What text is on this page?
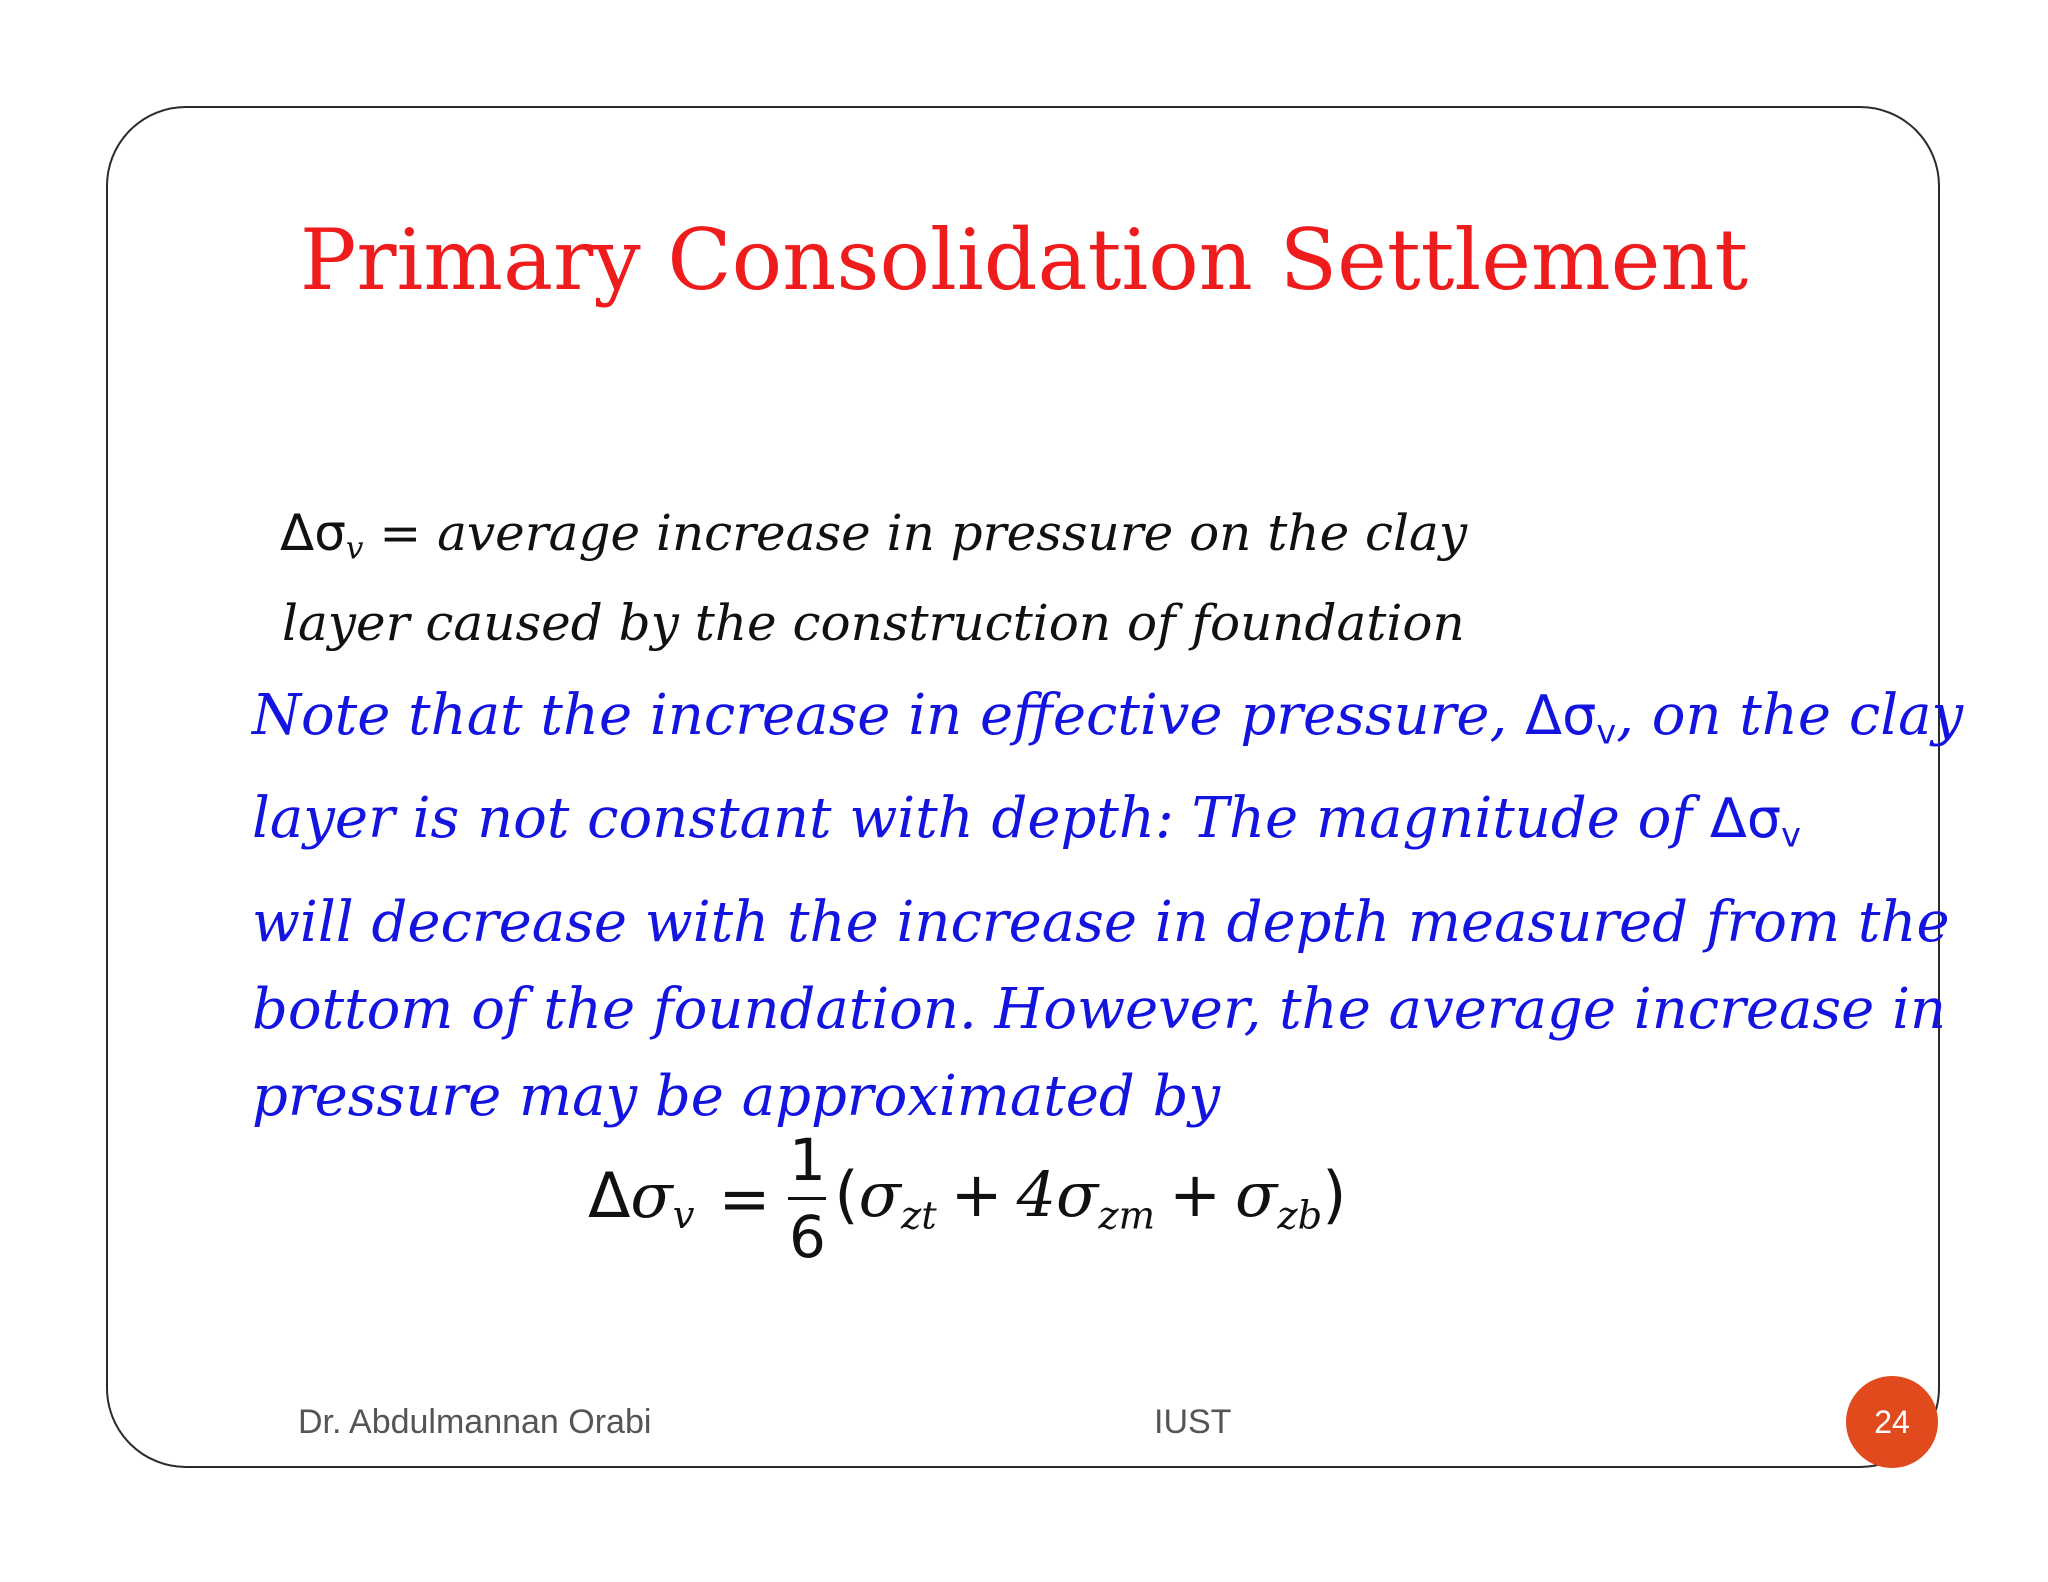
Primary Consolidation Settlement
$\Delta\sigma_v$ = average increase in pressure on the clay
layer caused by the construction of foundation
Note that the increase in effective pressure, $\Delta\sigma_v$, on the clay
layer is not constant with depth: The magnitude of $\Delta\sigma_v$
will decrease with the increase in depth measured from the
bottom of the foundation. However, the average increase in
pressure may be approximated by
$\Delta\sigma_v = \frac{1}{6} (\sigma_{zt} + 4\sigma_{zm} + \sigma_{zb})$
Dr. Abdulmannan Orabi	IUST	24
